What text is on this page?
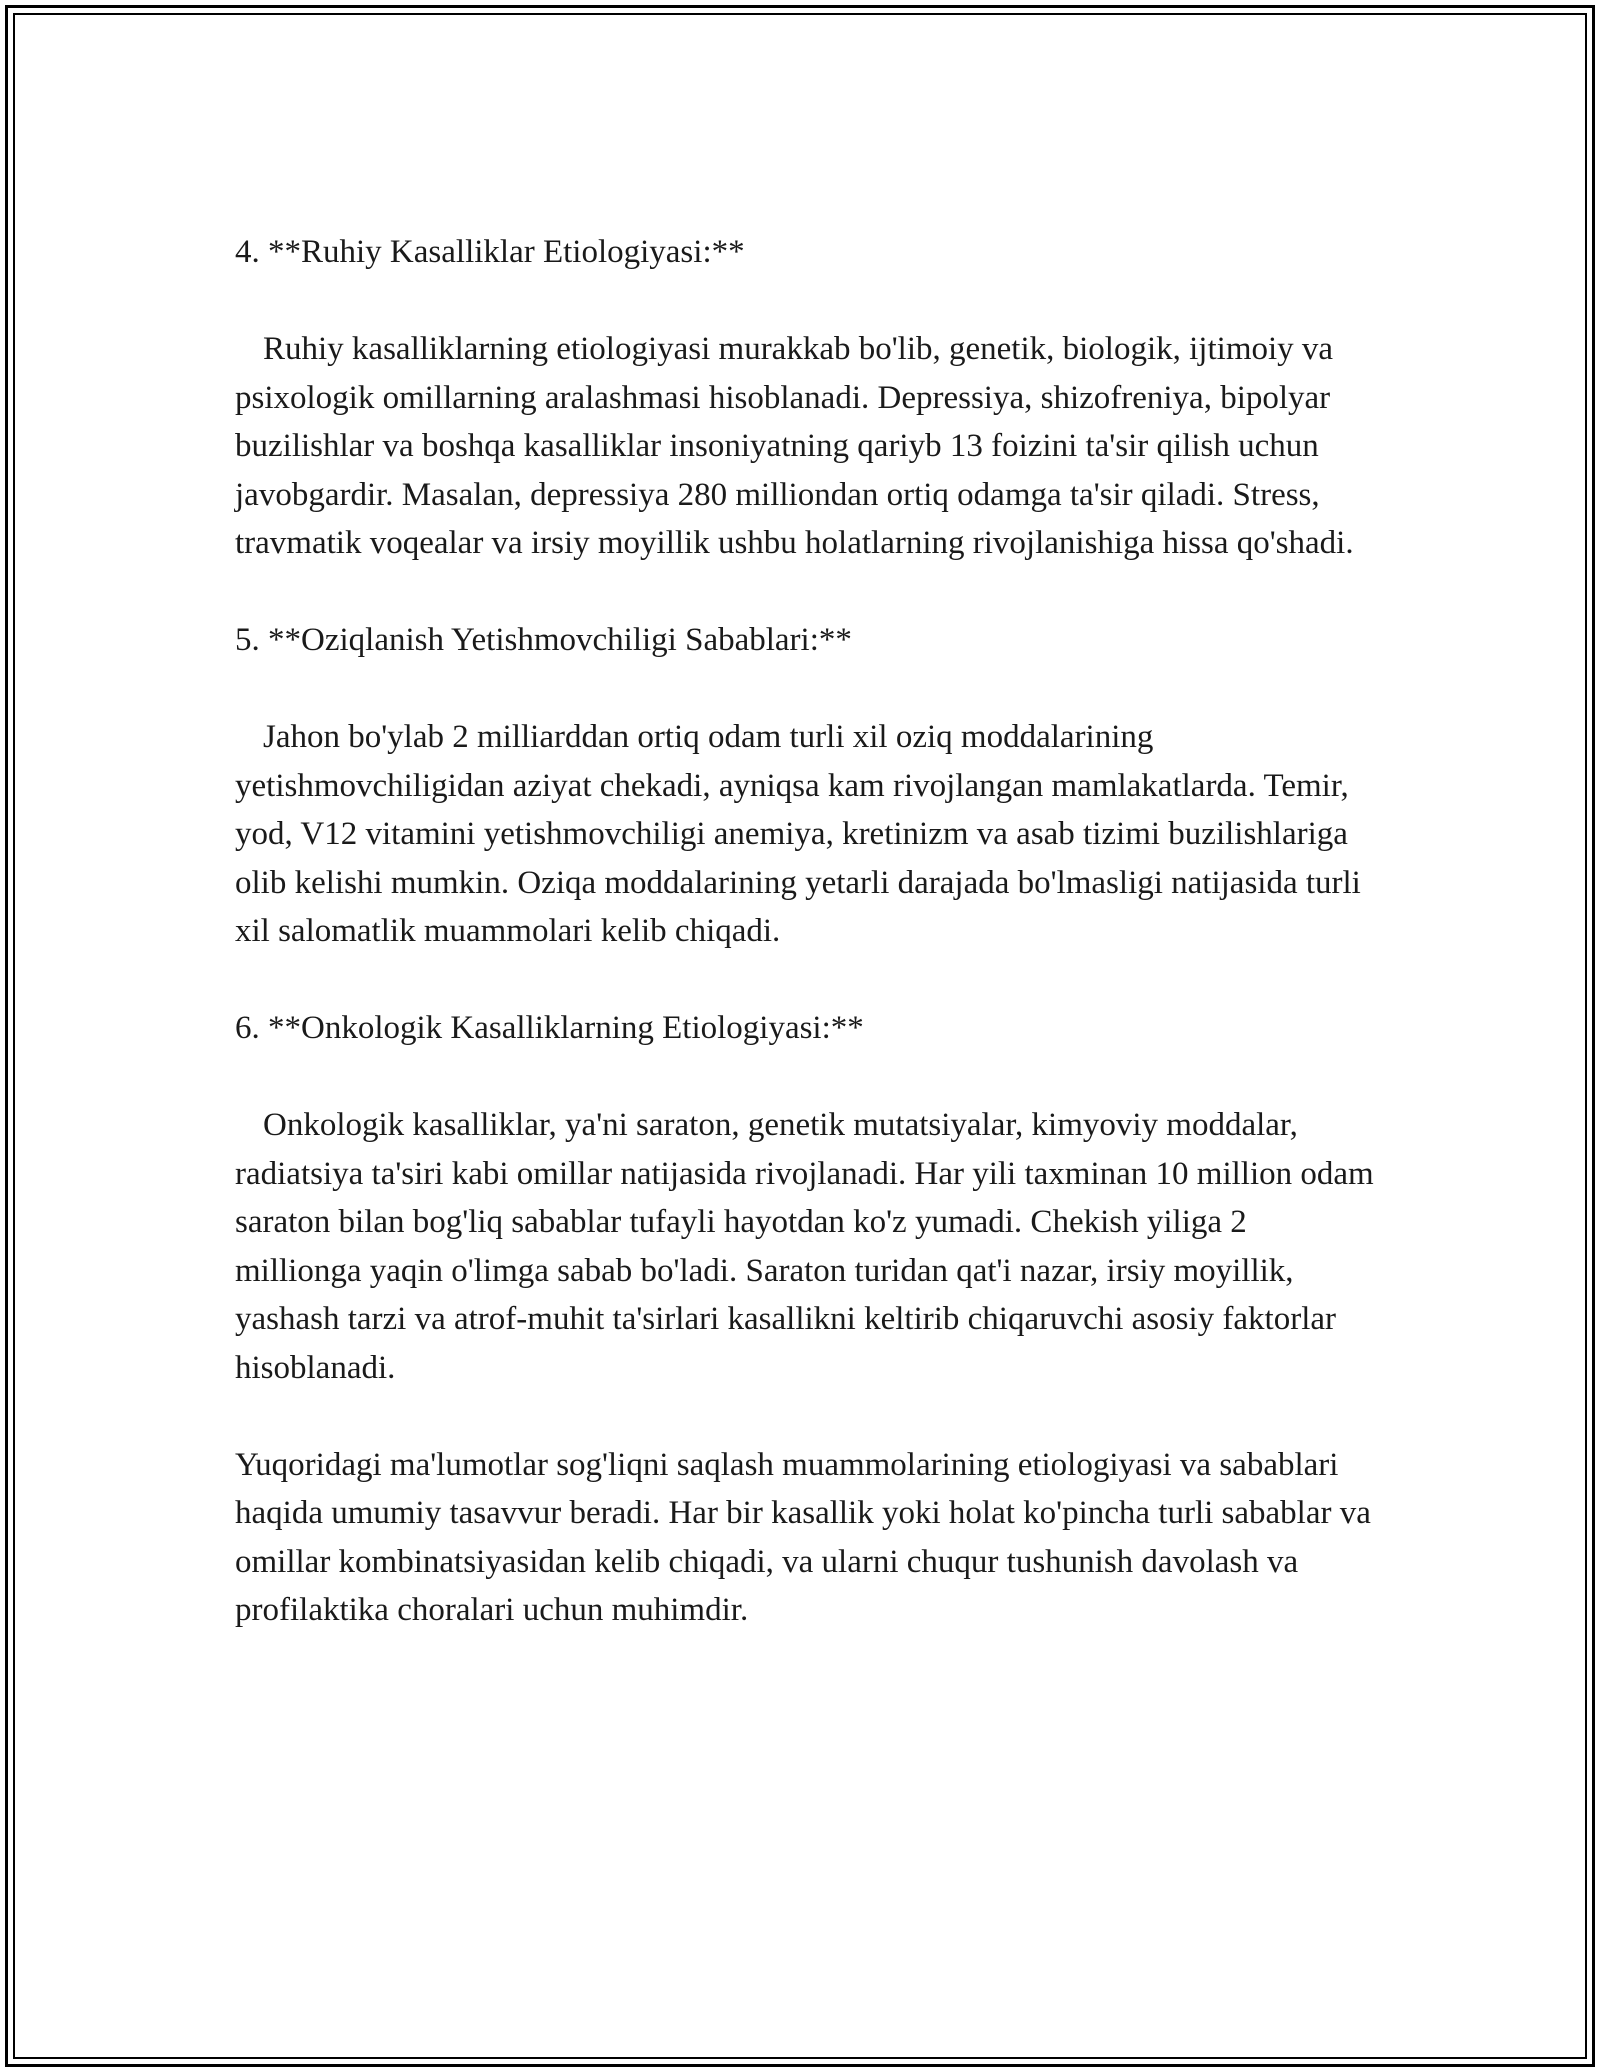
4. **Ruhiy Kasalliklar Etiologiyasi:**

Ruhiy kasalliklarning etiologiyasi murakkab bo'lib, genetik, biologik, ijtimoiy va psixologik omillarning aralashmasi hisoblanadi. Depressiya, shizofreniya, bipolyar buzilishlar va boshqa kasalliklar insoniyatning qariyb 13 foizini ta'sir qilish uchun javobgardir. Masalan, depressiya 280 milliondan ortiq odamga ta'sir qiladi. Stress, travmatik voqealar va irsiy moyillik ushbu holatlarning rivojlanishiga hissa qo'shadi.

5. **Oziqlanish Yetishmovchiligi Sabablari:**

Jahon bo'ylab 2 milliarddan ortiq odam turli xil oziq moddalarining yetishmovchiligidan aziyat chekadi, ayniqsa kam rivojlangan mamlakatlarda. Temir, yod, V12 vitamini yetishmovchiligi anemiya, kretinizm va asab tizimi buzilishlariga olib kelishi mumkin. Oziqa moddalarining yetarli darajada bo'lmasligi natijasida turli xil salomatlik muammolari kelib chiqadi.

6. **Onkologik Kasalliklarning Etiologiyasi:**

Onkologik kasalliklar, ya'ni saraton, genetik mutatsiyalar, kimyoviy moddalar, radiatsiya ta'siri kabi omillar natijasida rivojlanadi. Har yili taxminan 10 million odam saraton bilan bog'liq sabablar tufayli hayotdan ko'z yumadi. Chekish yiliga 2 millionga yaqin o'limga sabab bo'ladi. Saraton turidan qat'i nazar, irsiy moyillik, yashash tarzi va atrof-muhit ta'sirlari kasallikni keltirib chiqaruvchi asosiy faktorlar hisoblanadi.

Yuqoridagi ma'lumotlar sog'liqni saqlash muammolarining etiologiyasi va sabablari haqida umumiy tasavvur beradi. Har bir kasallik yoki holat ko'pincha turli sabablar va omillar kombinatsiyasidan kelib chiqadi, va ularni chuqur tushunish davolash va profilaktika choralari uchun muhimdir.
